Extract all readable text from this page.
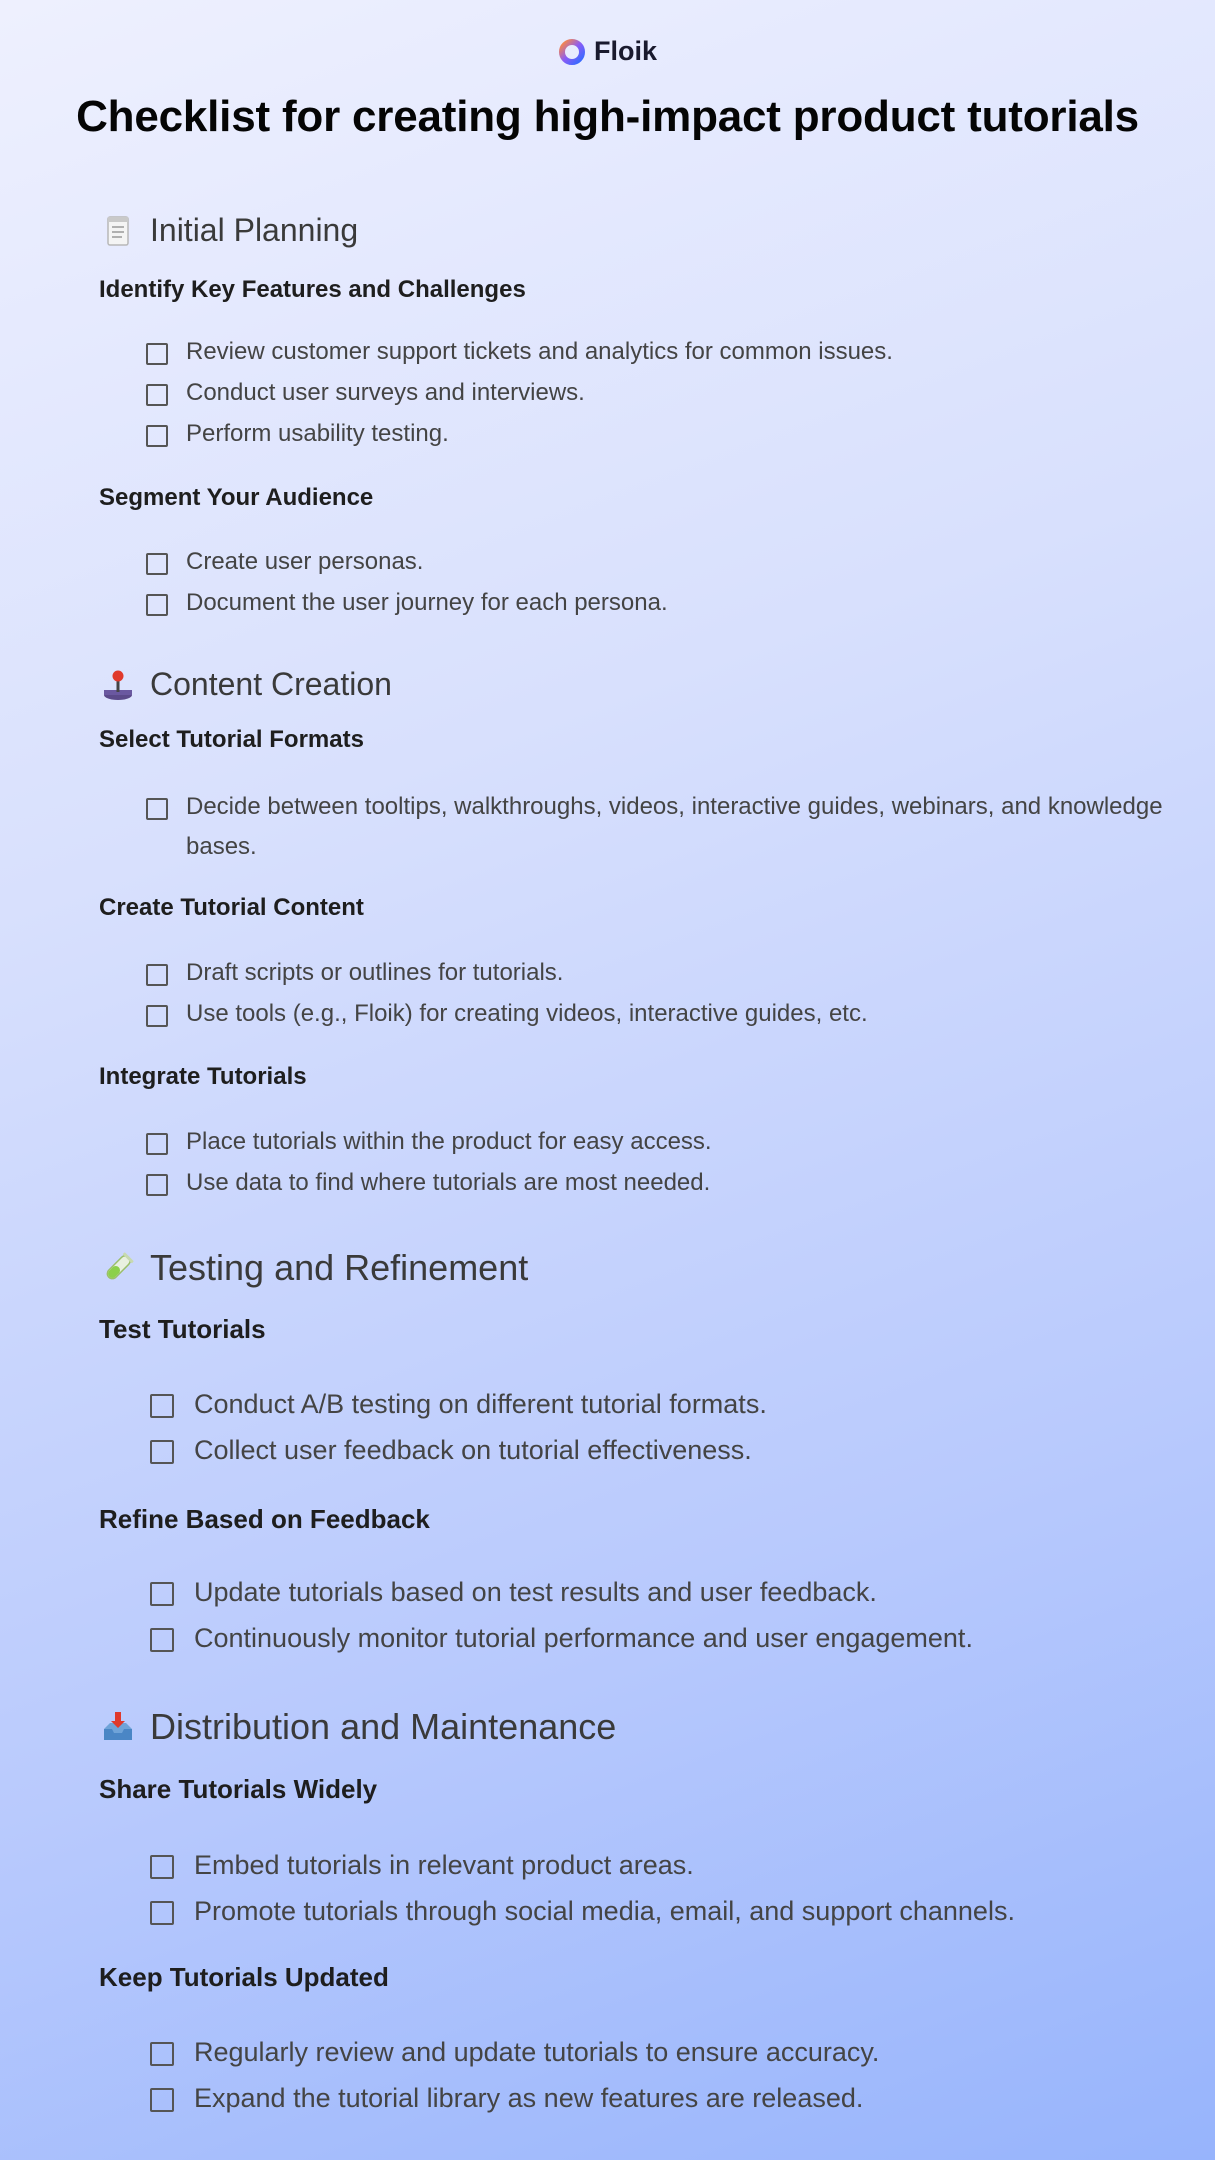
Floik
Checklist for creating high-impact product tutorials
Initial Planning
Identify Key Features and Challenges
Review customer support tickets and analytics for common issues.
Conduct user surveys and interviews.
Perform usability testing.
Segment Your Audience
Create user personas.
Document the user journey for each persona.
Content Creation
Select Tutorial Formats
Decide between tooltips, walkthroughs, videos, interactive guides, webinars, and knowledge bases.
Create Tutorial Content
Draft scripts or outlines for tutorials.
Use tools (e.g., Floik) for creating videos, interactive guides, etc.
Integrate Tutorials
Place tutorials within the product for easy access.
Use data to find where tutorials are most needed.
Testing and Refinement
Test Tutorials
Conduct A/B testing on different tutorial formats.
Collect user feedback on tutorial effectiveness.
Refine Based on Feedback
Update tutorials based on test results and user feedback.
Continuously monitor tutorial performance and user engagement.
Distribution and Maintenance
Share Tutorials Widely
Embed tutorials in relevant product areas.
Promote tutorials through social media, email, and support channels.
Keep Tutorials Updated
Regularly review and update tutorials to ensure accuracy.
Expand the tutorial library as new features are released.
